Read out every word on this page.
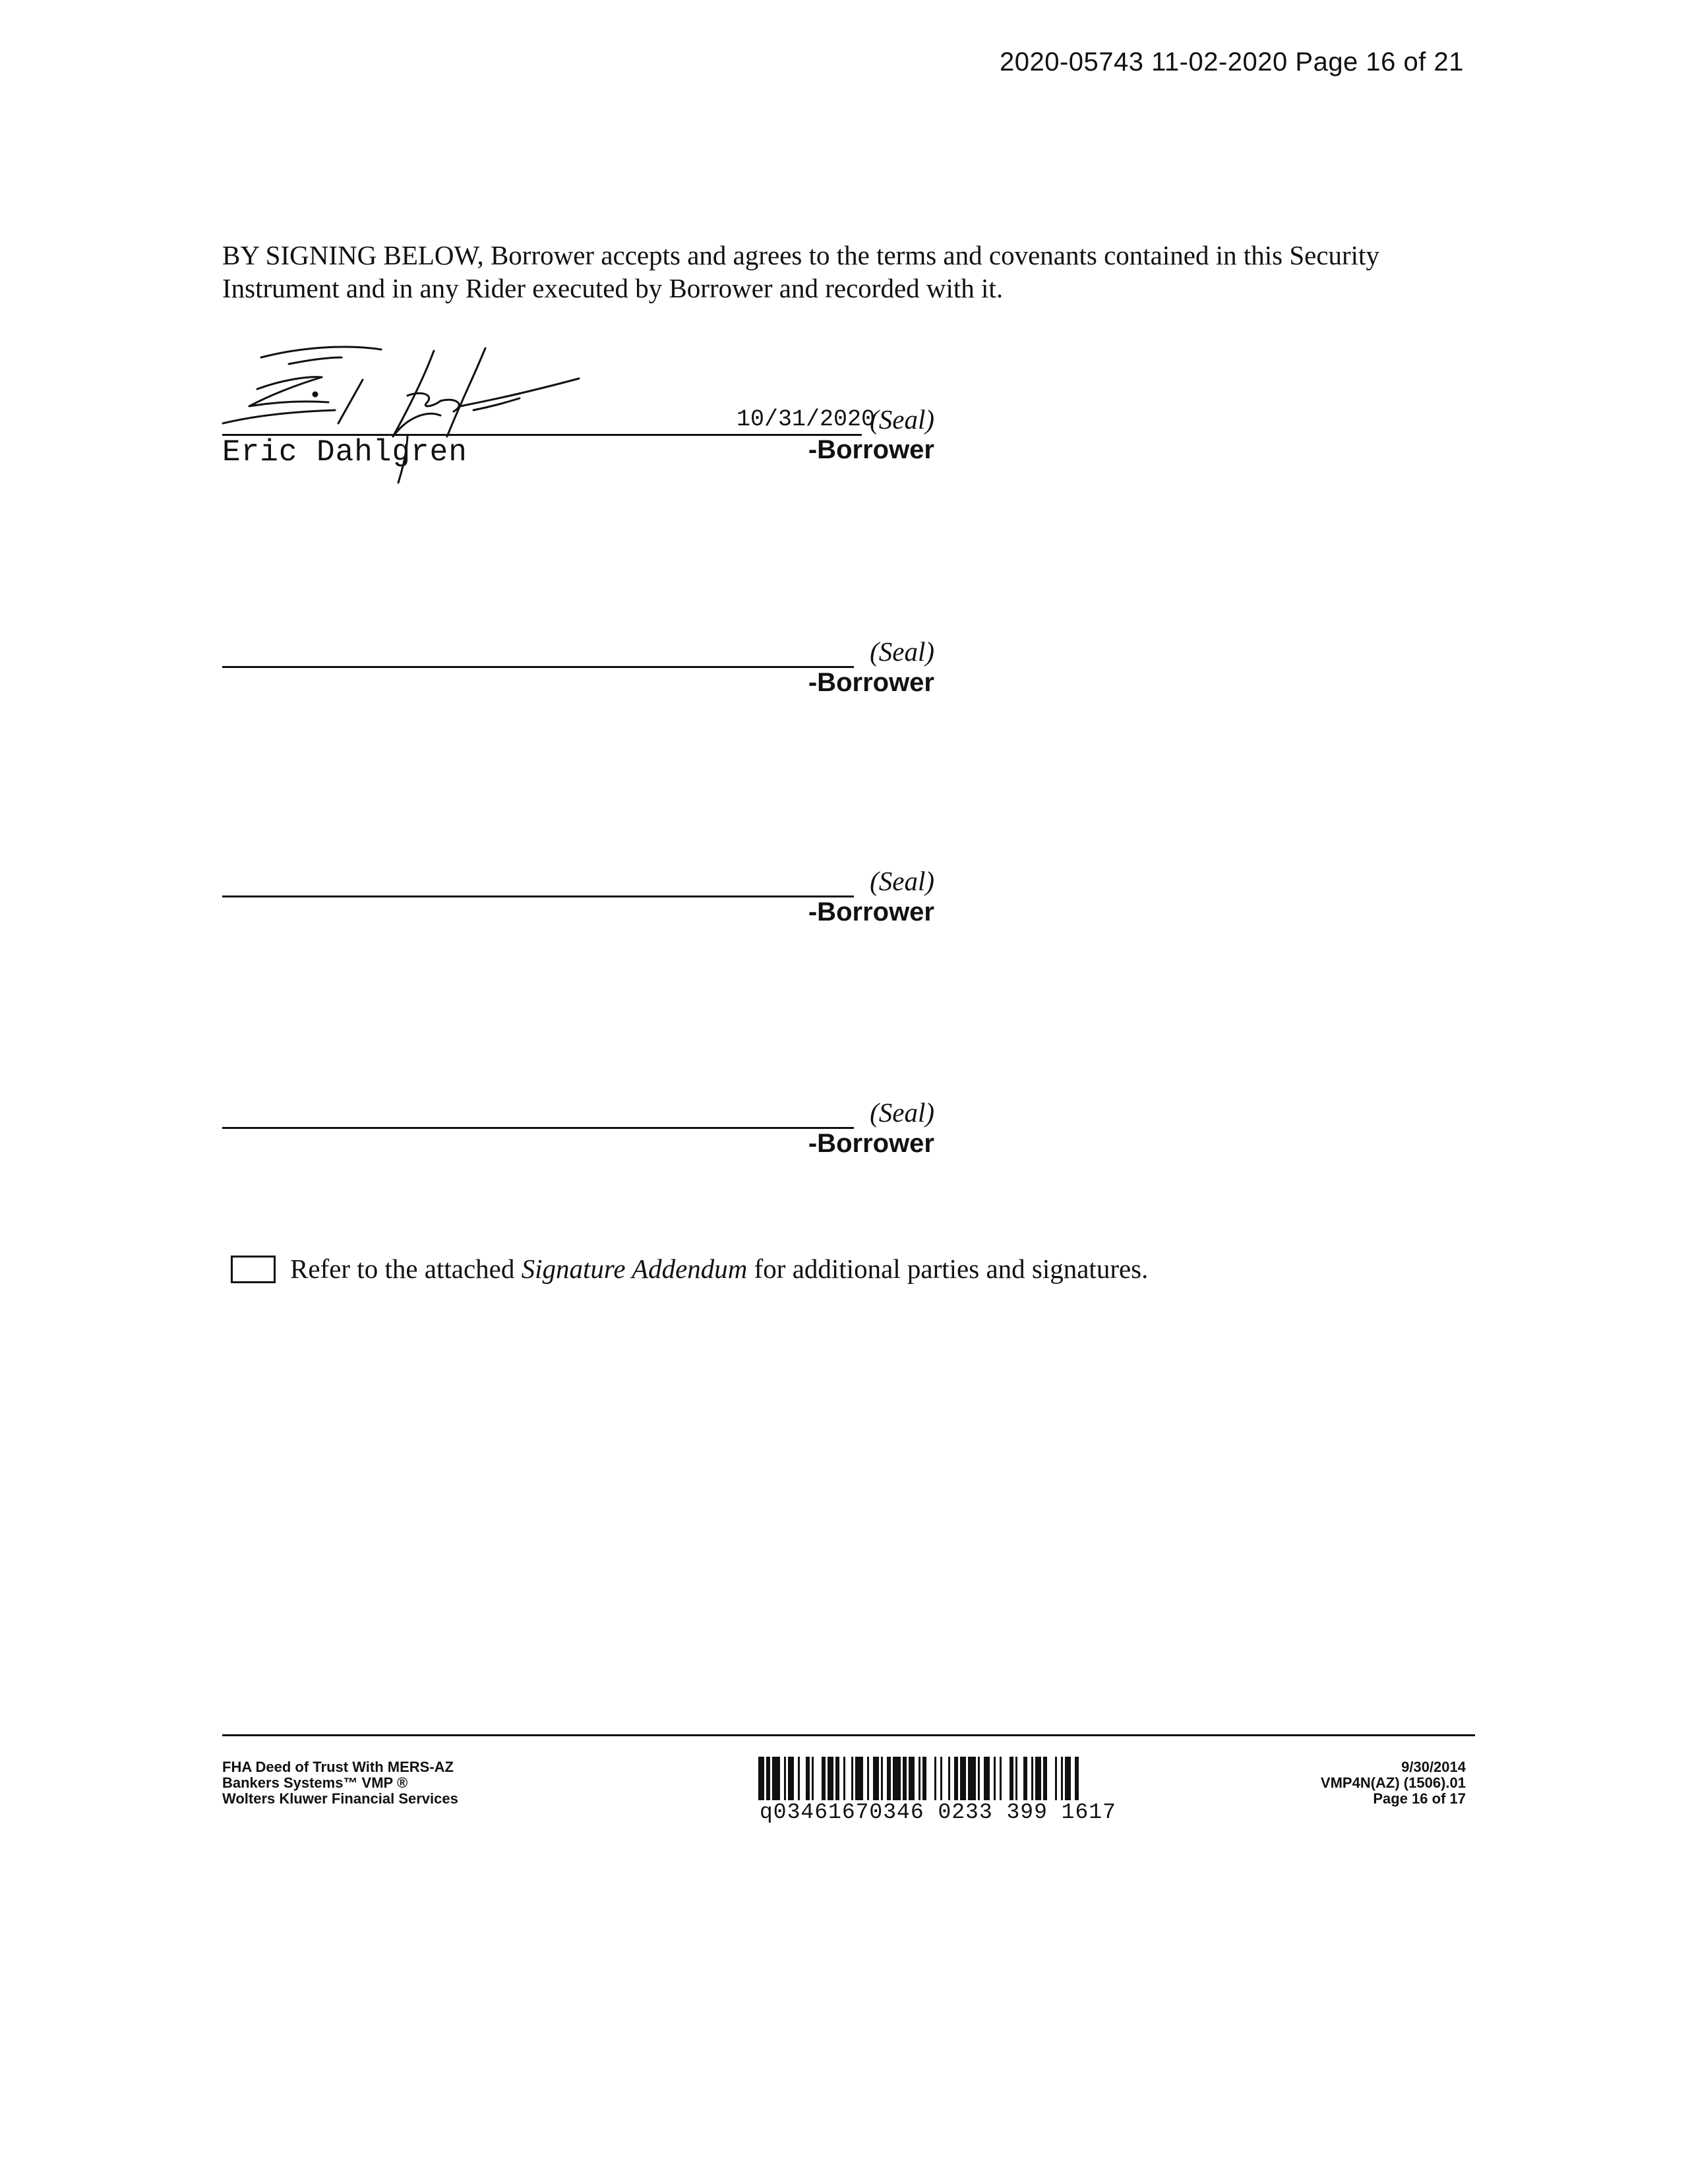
2020-05743 11-02-2020 Page 16 of 21
BY SIGNING BELOW, Borrower accepts and agrees to the terms and covenants contained in this Security Instrument and in any Rider executed by Borrower and recorded with it.
10/31/2020
(Seal)
-Borrower
Eric Dahlgren
(Seal)
-Borrower
(Seal)
-Borrower
(Seal)
-Borrower
Refer to the attached Signature Addendum for additional parties and signatures.
FHA Deed of Trust With MERS-AZ
Bankers Systems™ VMP ®
Wolters Kluwer Financial Services
q03461670346 0233 399 1617
9/30/2014
VMP4N(AZ) (1506).01
Page 16 of 17
